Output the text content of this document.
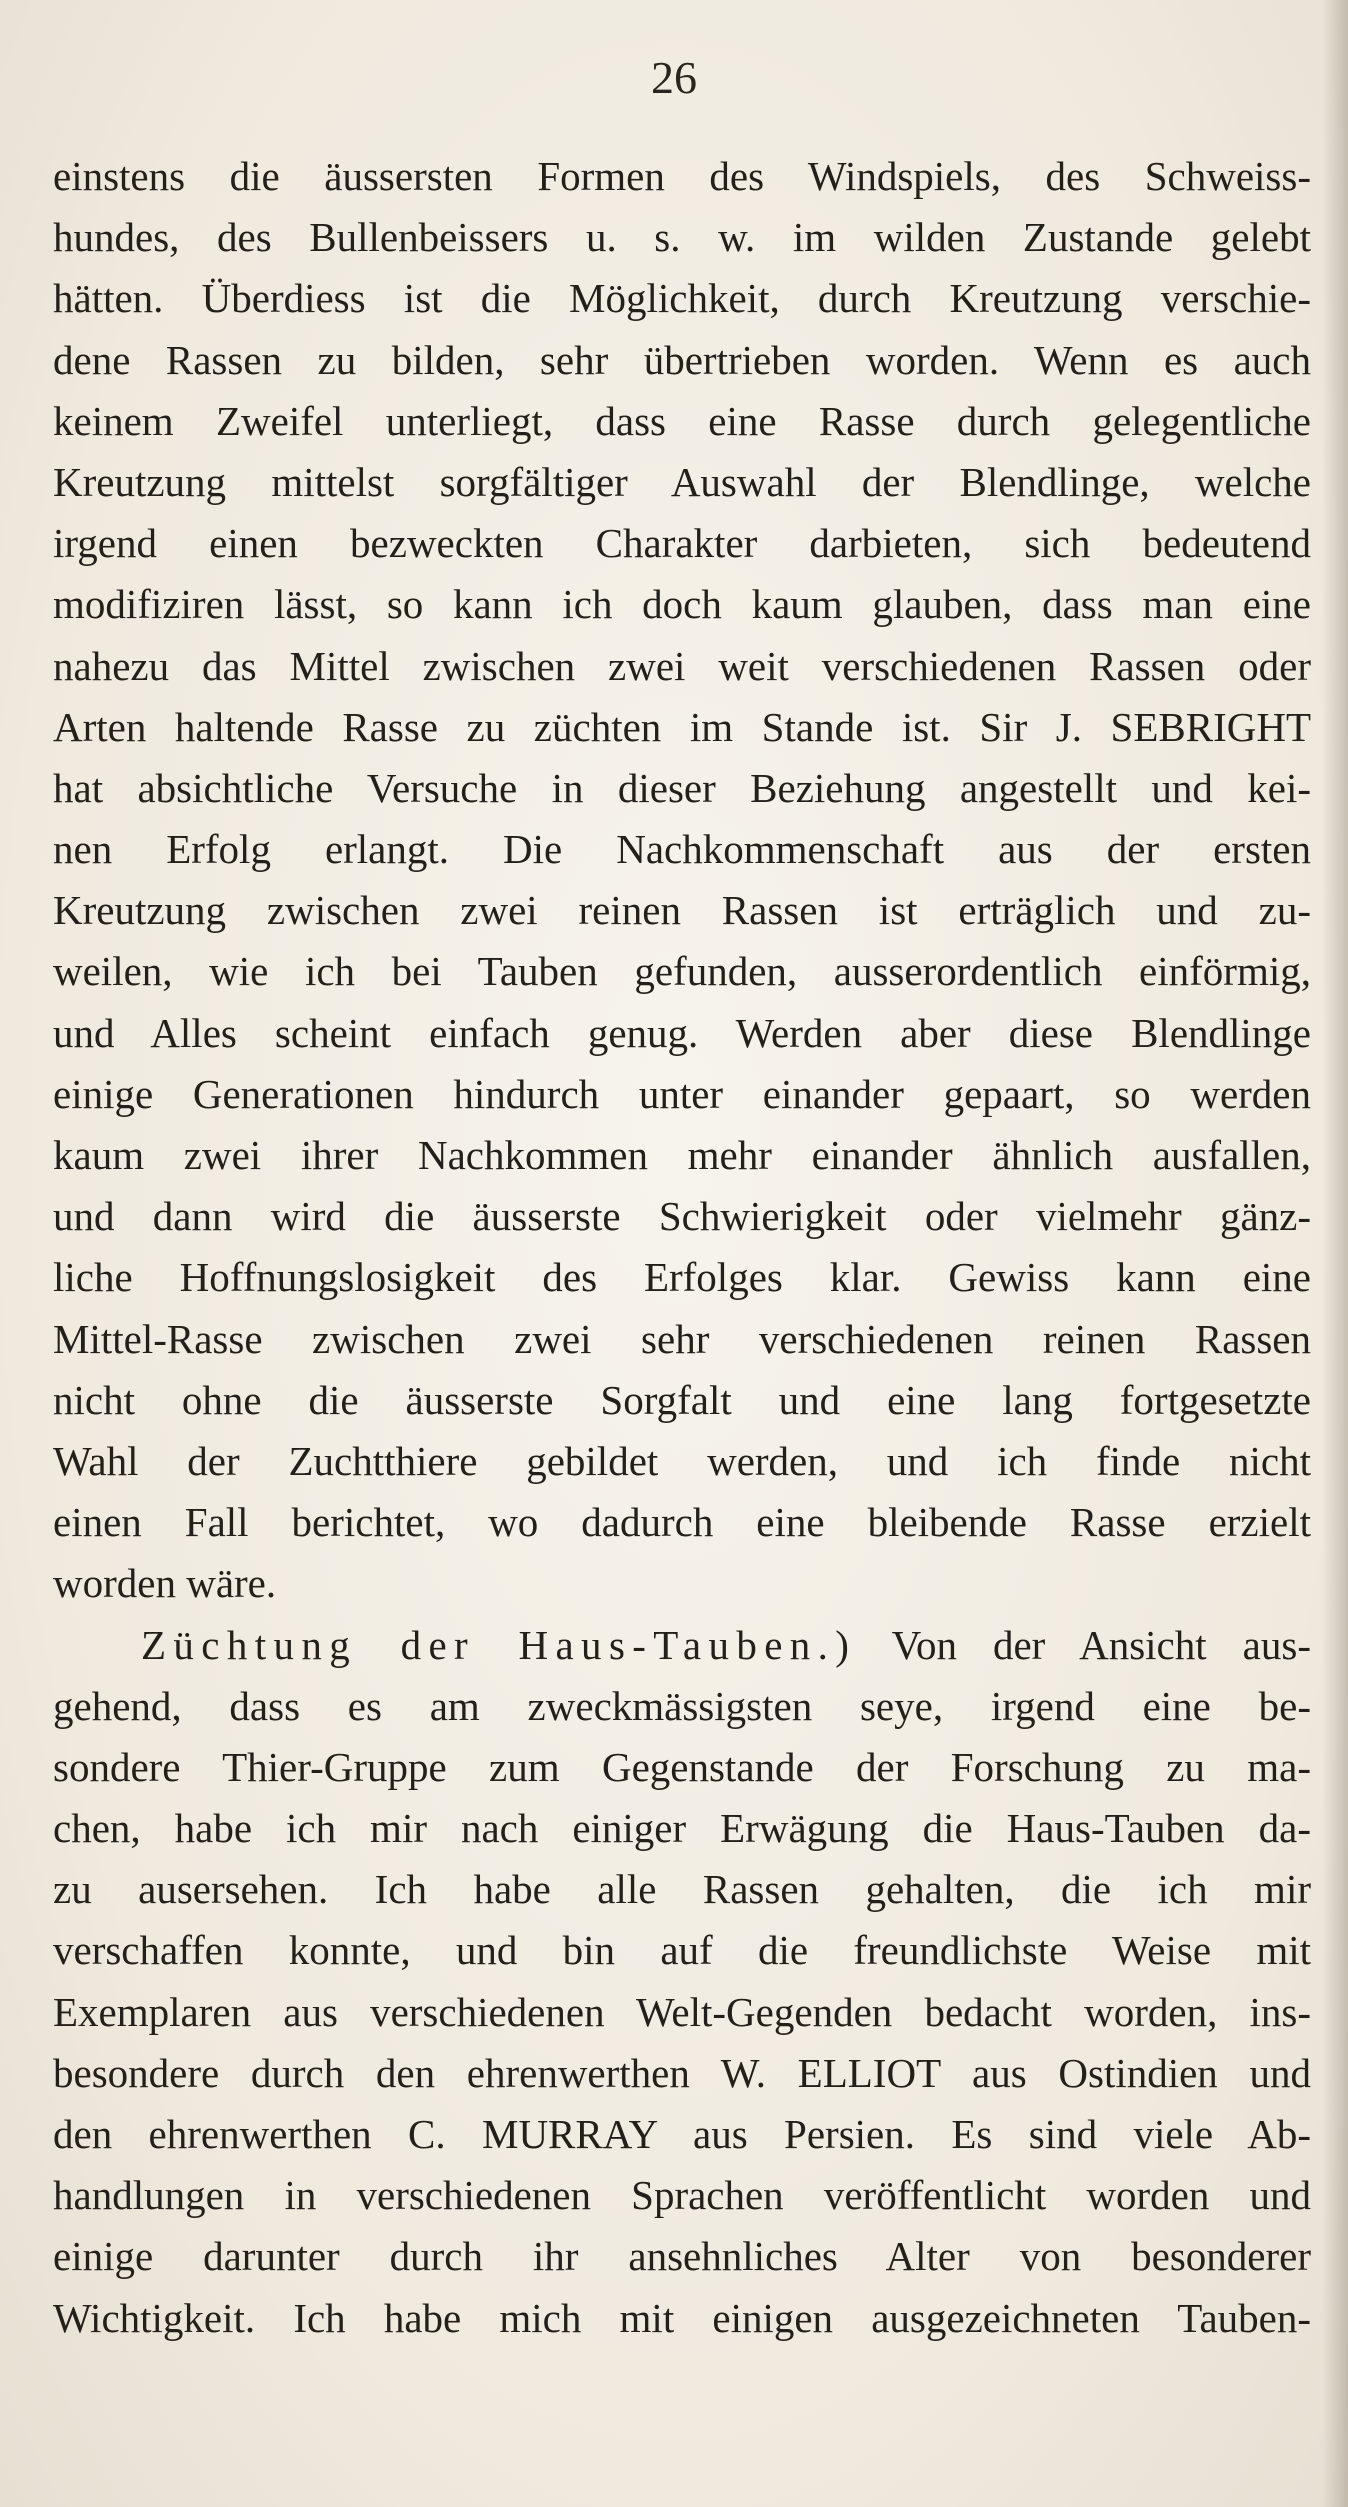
26
einstens die äussersten Formen des Windspiels, des Schweiss-
hundes, des Bullenbeissers u. s. w. im wilden Zustande gelebt
hätten. Überdiess ist die Möglichkeit, durch Kreutzung verschie-
dene Rassen zu bilden, sehr übertrieben worden. Wenn es auch
keinem Zweifel unterliegt, dass eine Rasse durch gelegentliche
Kreutzung mittelst sorgfältiger Auswahl der Blendlinge, welche
irgend einen bezweckten Charakter darbieten, sich bedeutend
modifiziren lässt, so kann ich doch kaum glauben, dass man eine
nahezu das Mittel zwischen zwei weit verschiedenen Rassen oder
Arten haltende Rasse zu züchten im Stande ist. Sir J. SEBRIGHT
hat absichtliche Versuche in dieser Beziehung angestellt und kei-
nen Erfolg erlangt. Die Nachkommenschaft aus der ersten
Kreutzung zwischen zwei reinen Rassen ist erträglich und zu-
weilen, wie ich bei Tauben gefunden, ausserordentlich einförmig,
und Alles scheint einfach genug. Werden aber diese Blendlinge
einige Generationen hindurch unter einander gepaart, so werden
kaum zwei ihrer Nachkommen mehr einander ähnlich ausfallen,
und dann wird die äusserste Schwierigkeit oder vielmehr gänz-
liche Hoffnungslosigkeit des Erfolges klar. Gewiss kann eine
Mittel-Rasse zwischen zwei sehr verschiedenen reinen Rassen
nicht ohne die äusserste Sorgfalt und eine lang fortgesetzte
Wahl der Zuchtthiere gebildet werden, und ich finde nicht
einen Fall berichtet, wo dadurch eine bleibende Rasse erzielt
worden wäre.
Züchtung der Haus-Tauben.) Von der Ansicht aus-
gehend, dass es am zweckmässigsten seye, irgend eine be-
sondere Thier-Gruppe zum Gegenstande der Forschung zu ma-
chen, habe ich mir nach einiger Erwägung die Haus-Tauben da-
zu ausersehen. Ich habe alle Rassen gehalten, die ich mir
verschaffen konnte, und bin auf die freundlichste Weise mit
Exemplaren aus verschiedenen Welt-Gegenden bedacht worden, ins-
besondere durch den ehrenwerthen W. ELLIOT aus Ostindien und
den ehrenwerthen C. MURRAY aus Persien. Es sind viele Ab-
handlungen in verschiedenen Sprachen veröffentlicht worden und
einige darunter durch ihr ansehnliches Alter von besonderer
Wichtigkeit. Ich habe mich mit einigen ausgezeichneten Tauben-
